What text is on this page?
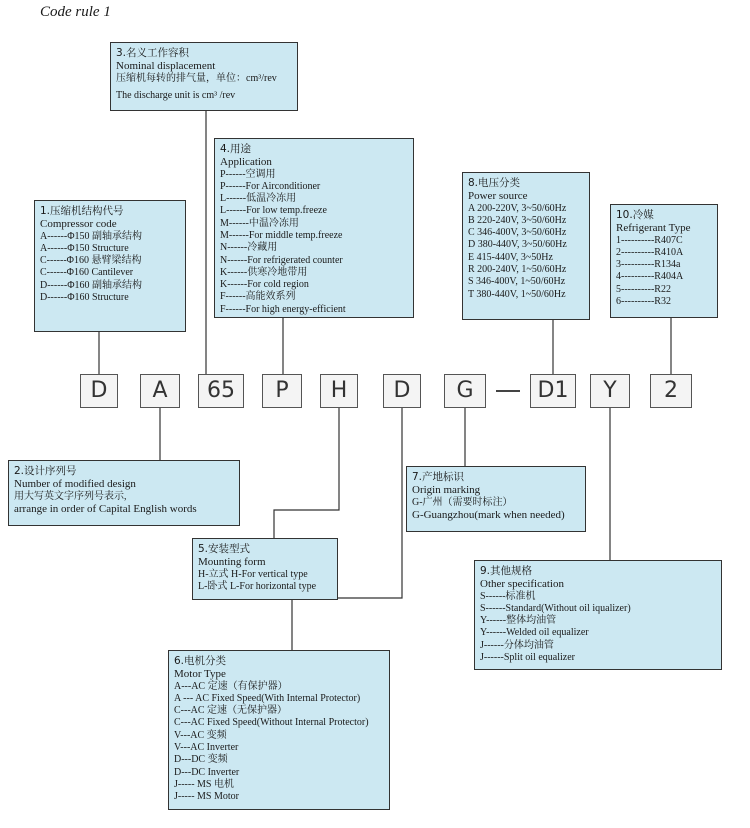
Code rule 1
1.压缩机结构代号
Compressor code
A------Φ150 副轴承结构
A------Φ150 Structure
C------Φ160 悬臂梁结构
C------Φ160 Cantilever
D------Φ160 副轴承结构
D------Φ160 Structure
3.名义工作容积
Nominal displacement
压缩机每转的排气量，单位：cm³/rev
The discharge unit is cm³ /rev
4.用途
Application
P------空调用
P------For Airconditioner
L------低温冷冻用
L------For low temp.freeze
M------中温冷冻用
M------For middle temp.freeze
N------冷藏用
N------For refrigerated counter
K------供寒冷地带用
K------For cold region
F------高能效系列
F------For high energy-efficient
8.电压分类
Power source
A 200-220V, 3~50/60Hz
B 220-240V, 3~50/60Hz
C 346-400V, 3~50/60Hz
D 380-440V, 3~50/60Hz
E 415-440V, 3~50Hz
R 200-240V, 1~50/60Hz
S 346-400V, 1~50/60Hz
T 380-440V, 1~50/60Hz
10.冷媒
Refrigerant Type
1----------R407C
2----------R410A
3----------R134a
4----------R404A
5----------R22
6----------R32
D	A	65	P	H	D	G	D1	Y	2
2.设计序列号
Number of modified design
用大写英文字序列号表示,
arrange in order of Capital English words
7.产地标识
Origin marking
G-广州（需要时标注）
G-Guangzhou(mark when needed)
5.安装型式
Mounting form
H-立式 H-For vertical type
L-卧式 L-For horizontal type
9.其他规格
Other specification
S------标准机
S------Standard(Without oil iqualizer)
Y------整体均油管
Y------Welded oil equalizer
J------分体均油管
J------Split oil equalizer
6.电机分类
Motor Type
A---AC 定速（有保护器）
A --- AC Fixed Speed(With Internal Protector)
C---AC 定速（无保护器）
C---AC Fixed Speed(Without Internal Protector)
V---AC 变频
V---AC Inverter
D---DC 变频
D---DC Inverter
J----- MS 电机
J----- MS Motor
